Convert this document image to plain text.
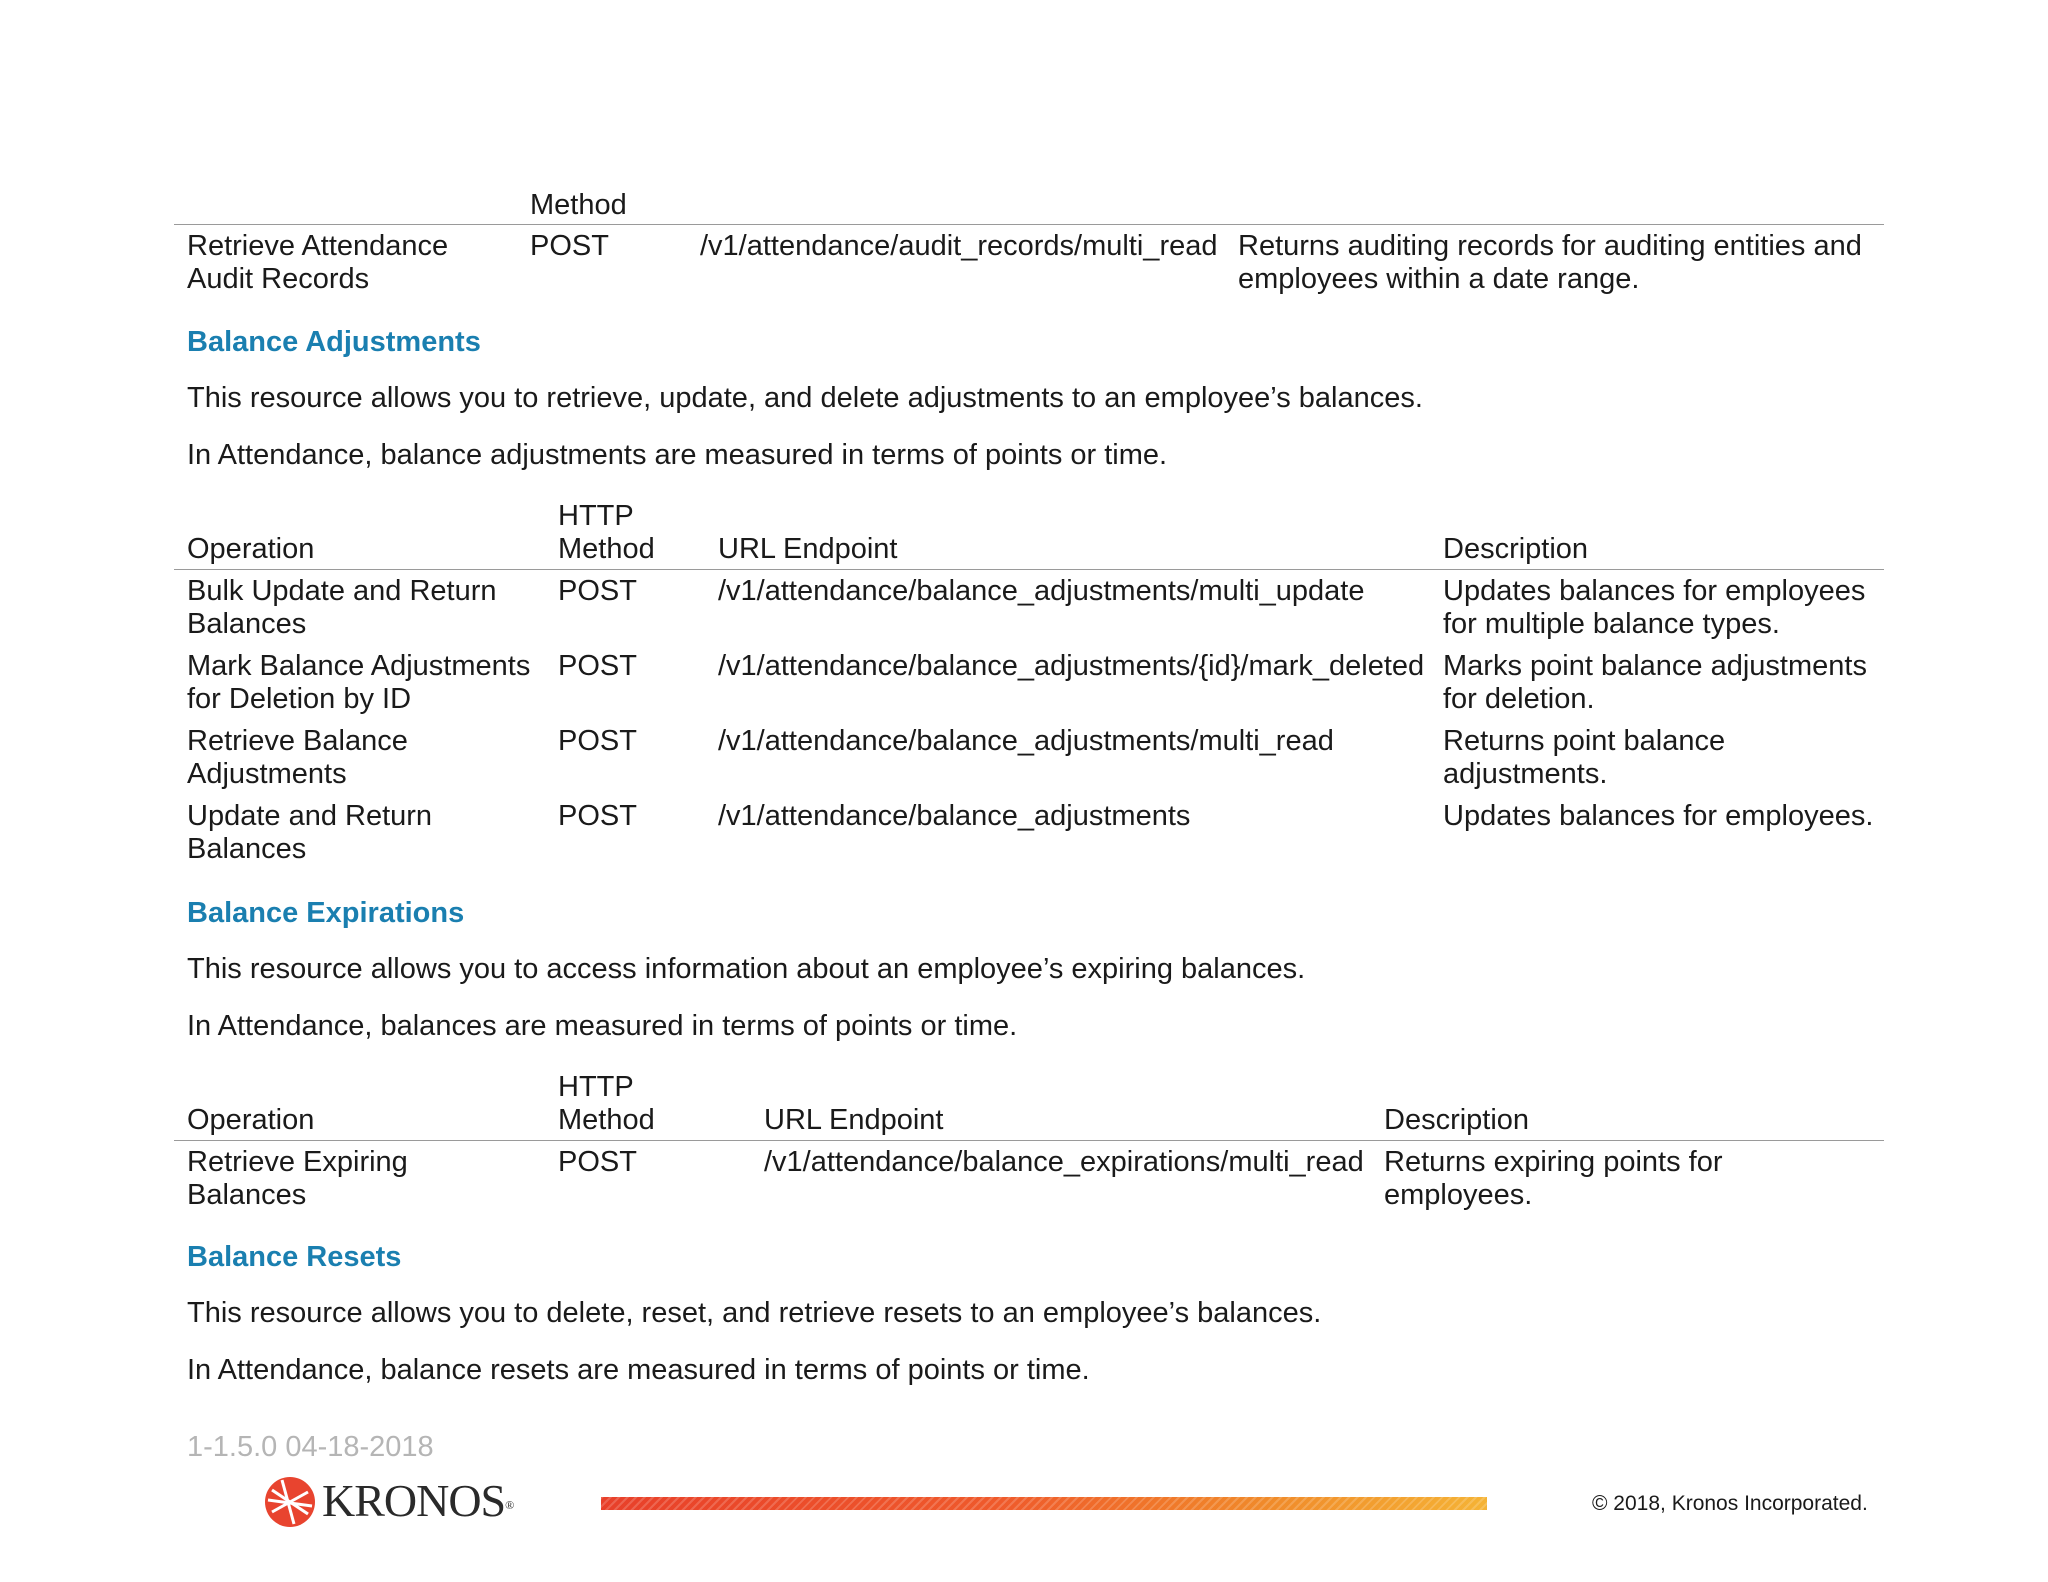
Method
Retrieve Attendance
Audit Records
POST	/v1/attendance/audit_records/multi_read Returns auditing records for auditing entities and
employees within a date range.
Balance Adjustments
This resource allows you to retrieve, update, and delete adjustments to an employee’s balances.
In Attendance, balance adjustments are measured in terms of points or time.
HTTP
Operation	Method URL Endpoint	Description
Bulk Update and Return
Balances
POST	/v1/attendance/balance_adjustments/multi_update	Updates balances for employees
for multiple balance types.
Mark Balance Adjustments
for Deletion by ID
POST	/v1/attendance/balance_adjustments/{id}/mark_deleted Marks point balance adjustments
for deletion.
Retrieve Balance
Adjustments
POST	/v1/attendance/balance_adjustments/multi_read	Returns point balance
adjustments.
Update and Return
Balances
POST	/v1/attendance/balance_adjustments	Updates balances for employees.
Balance Expirations
This resource allows you to access information about an employee’s expiring balances.
In Attendance, balances are measured in terms of points or time.
HTTP
Operation	Method	URL Endpoint	Description
Retrieve Expiring
Balances
POST	/v1/attendance/balance_expirations/multi_read Returns expiring points for
employees.
Balance Resets
This resource allows you to delete, reset, and retrieve resets to an employee’s balances.
In Attendance, balance resets are measured in terms of points or time.
1-1.5.0 04-18-2018
KRONOS®	© 2018, Kronos Incorporated.
